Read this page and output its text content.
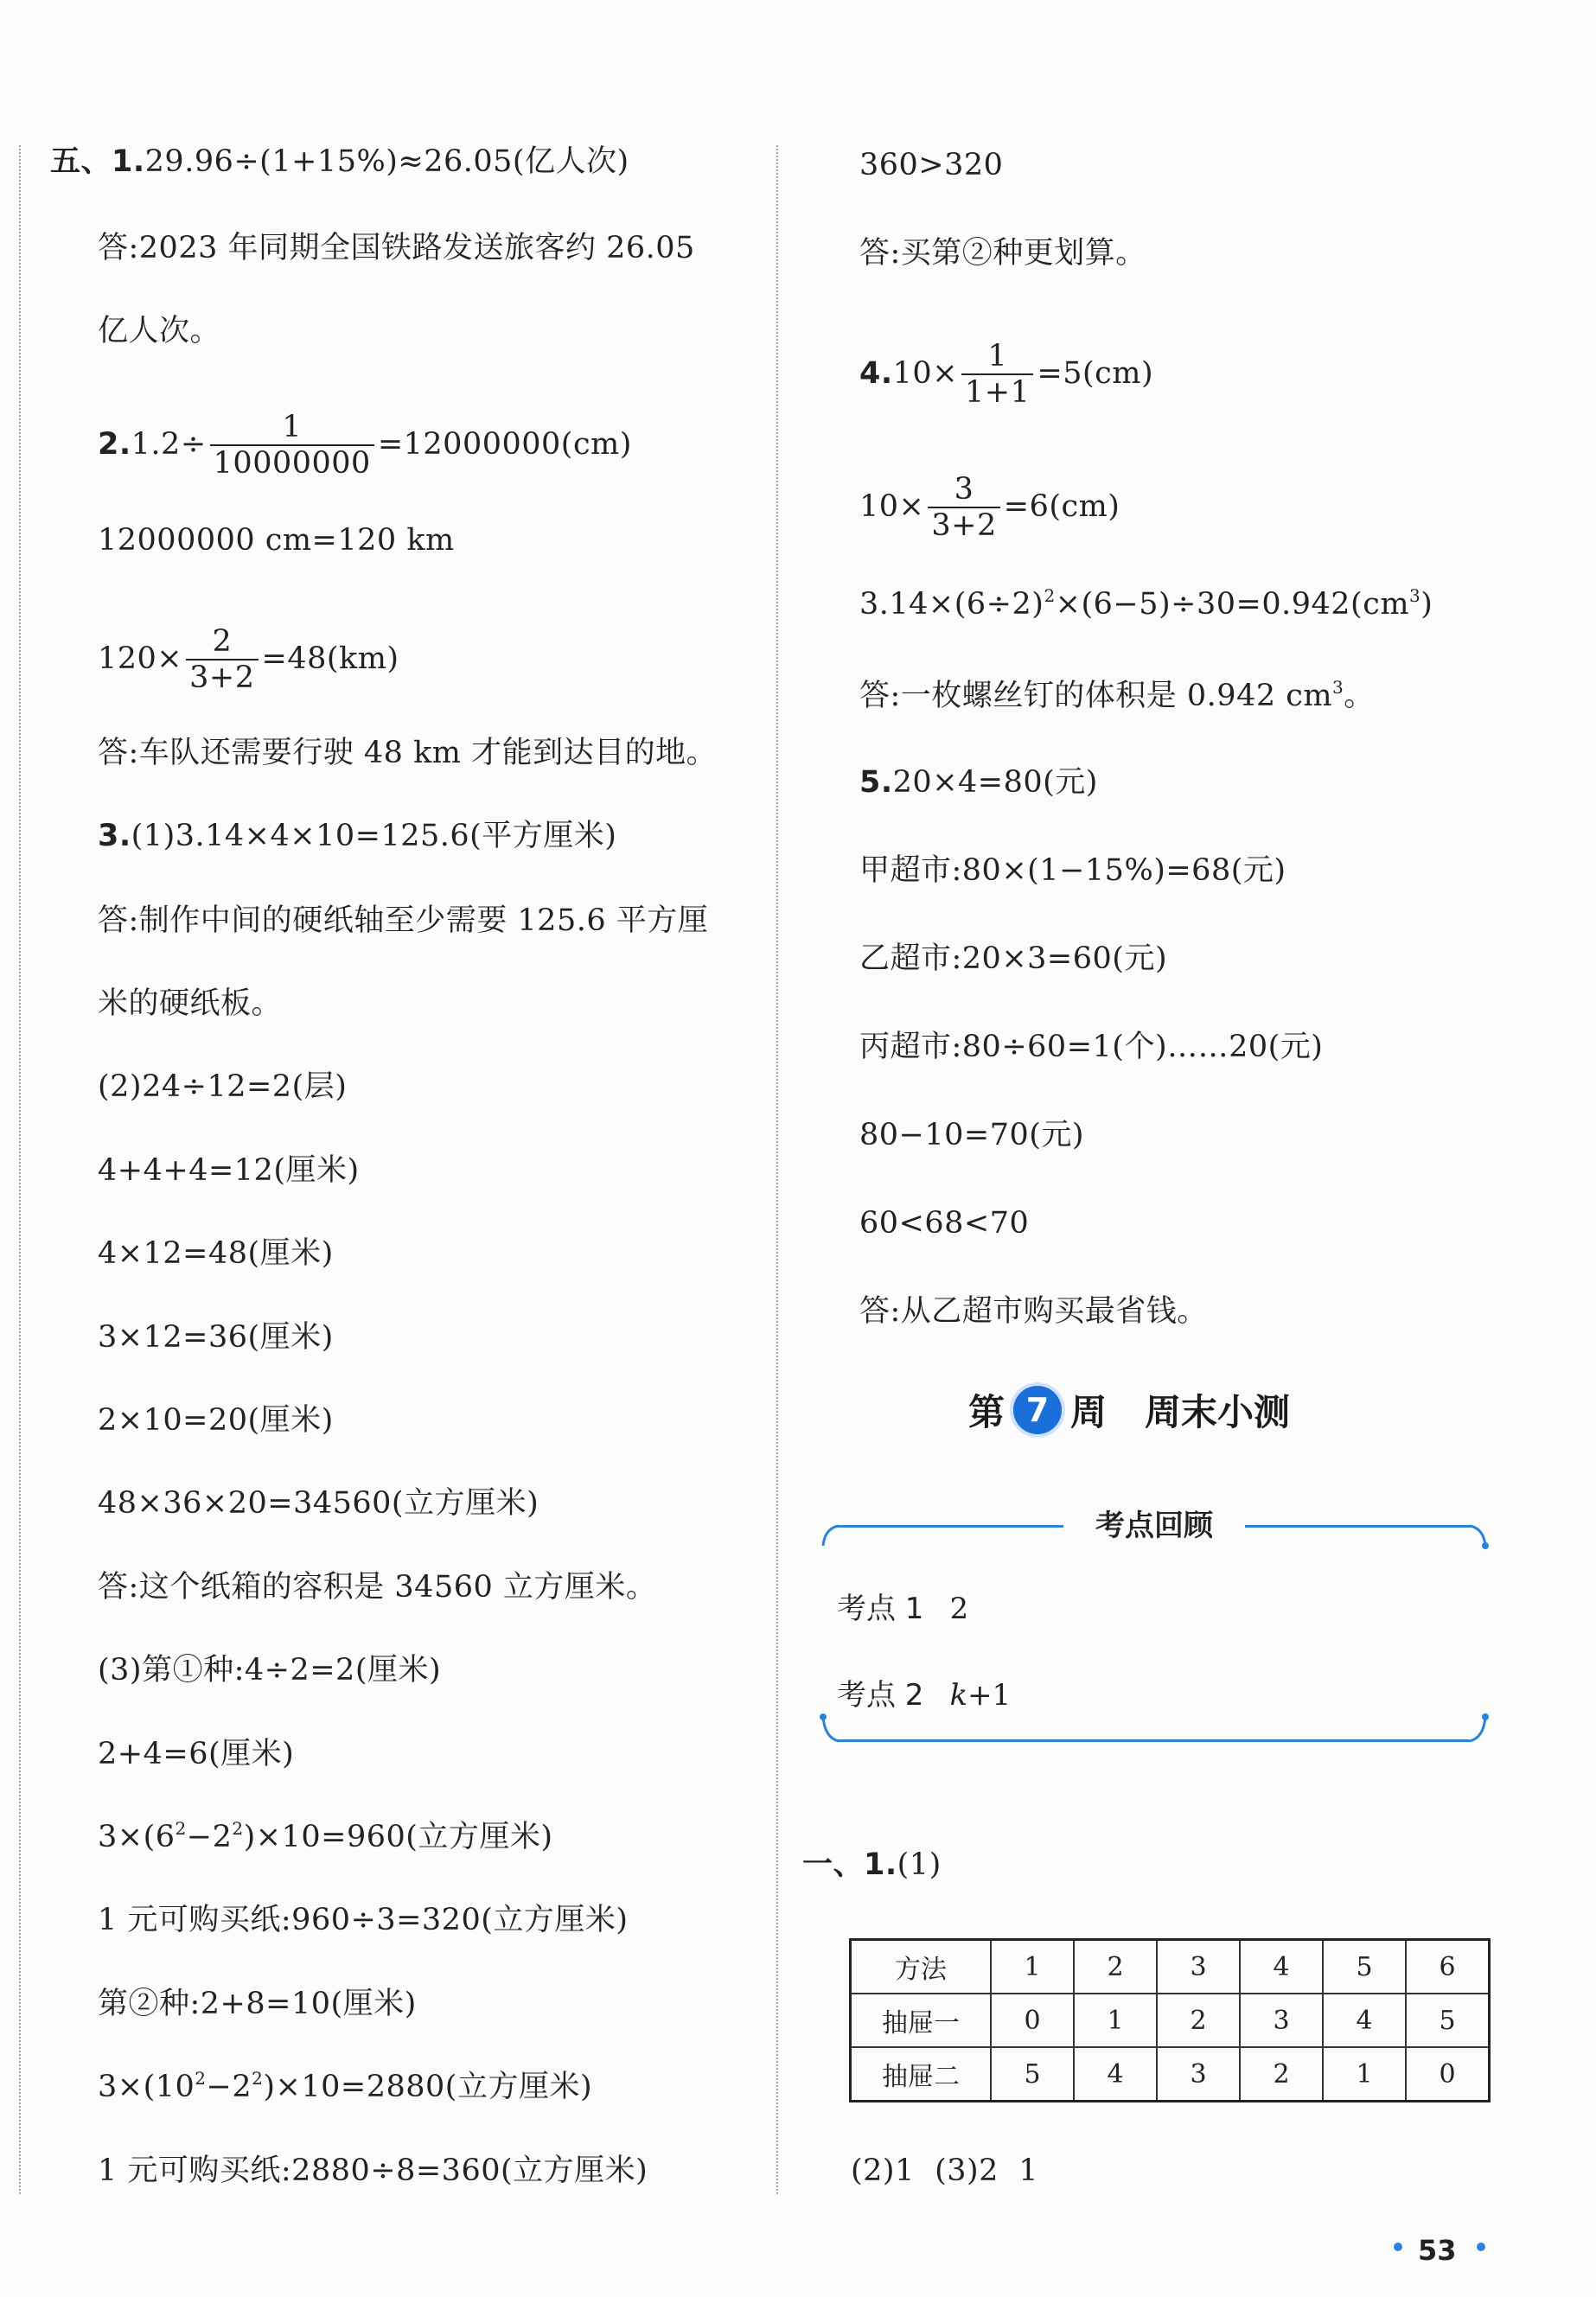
五、1.29.96÷(1+15%)≈26.05(亿人次)
答:2023 年同期全国铁路发送旅客约 26.05
亿人次。
$2.1.2\div \frac{1}{10000000} =12000000(cm)$
12000000 cm=120 km
$120\times \frac{2}{3+2} =48(km)$
答:车队还需要行驶 48 km 才能到达目的地。
3.(1)3.14×4×10=125.6(平方厘米)
答:制作中间的硬纸轴至少需要 125.6 平方厘
米的硬纸板。
(2)24÷12=2(层)
4+4+4=12(厘米)
4×12=48(厘米)
3×12=36(厘米)
2×10=20(厘米)
48×36×20=34560(立方厘米)
答:这个纸箱的容积是 34560 立方厘米。
(3)第①种:4÷2=2(厘米)
2+4=6(厘米)
$3\times(6^2-2^2)\times 10=960$(立方厘米)
1 元可购买纸:960÷3=320(立方厘米)
第②种:2+8=10(厘米)
$3\times(10^2-2^2)\times 10=2880$(立方厘米)
1 元可购买纸:2880÷8=360(立方厘米)
360>320
答:买第②种更划算。
$4.10\times \frac{1}{1+1} =5(cm)$
$10\times \frac{3}{3+2} =6(cm)$
$3.14\times(6\div 2)^2\times(6-5)\div 30=0.942(cm^3)$
答:一枚螺丝钉的体积是 0.942 $cm^3$。
5.20×4=80(元)
甲超市:80×(1−15%)=68(元)
乙超市:20×3=60(元)
丙超市:80÷60=1(个)……20(元)
80−10=70(元)
60<68<70
答:从乙超市购买最省钱。
第 7 周 周末小测
考点回顾
考点 1 2
考点 2 k+1
一、1.(1)
方法	1	2	3	4	5	6
抽屉一	0	1	2	3	4	5
抽屉二	5	4	3	2	1	0
(2)1  (3)2  1
53
